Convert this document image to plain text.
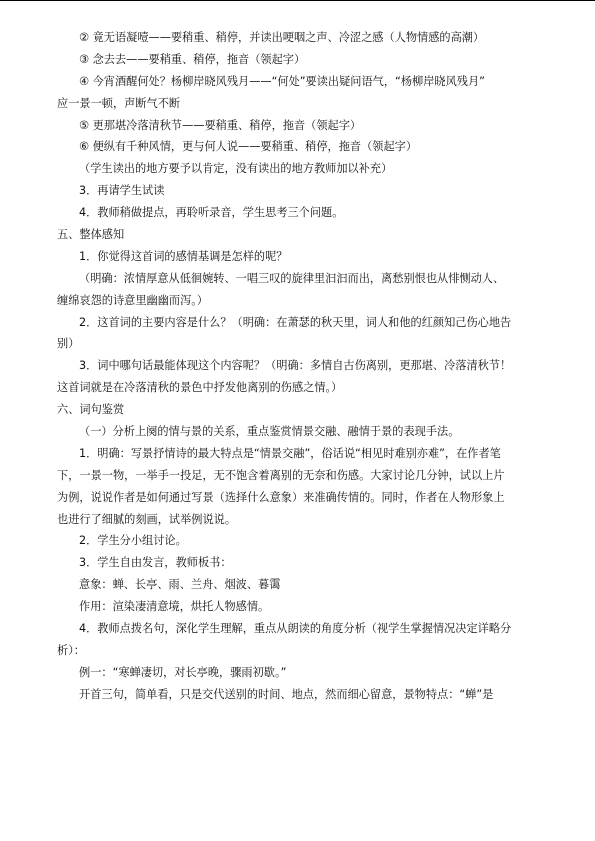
② 竟无语凝噎——要稍重、稍停，并读出哽咽之声、冷涩之感（人物情感的高潮）
③ 念去去——要稍重、稍停，拖音（领起字）
④ 今宵酒醒何处？杨柳岸晓风残月——“何处”要读出疑问语气，“杨柳岸晓风残月”
应一景一顿，声断气不断
⑤ 更那堪冷落清秋节——要稍重、稍停，拖音（领起字）
⑥ 便纵有千种风情，更与何人说——要稍重、稍停，拖音（领起字）
（学生读出的地方要予以肯定，没有读出的地方教师加以补充）
3．再请学生试读
4．教师稍做提点，再聆听录音，学生思考三个问题。
五、整体感知
1．你觉得这首词的感情基调是怎样的呢？
（明确：浓情厚意从低徊婉转、一唱三叹的旋律里汩汩而出，离愁别恨也从悱恻动人、
缠绵哀怨的诗意里幽幽而泻。）
2．这首词的主要内容是什么？（明确：在萧瑟的秋天里，词人和他的红颜知己伤心地告
别）
3．词中哪句话最能体现这个内容呢？（明确：多情自古伤离别，更那堪、冷落清秋节！
这首词就是在冷落清秋的景色中抒发他离别的伤感之情。）
六、词句鉴赏
（一）分析上阕的情与景的关系，重点鉴赏情景交融、融情于景的表现手法。
1．明确：写景抒情诗的最大特点是“情景交融”，俗话说“相见时难别亦难”，在作者笔
下，一景一物，一举手一投足，无不饱含着离别的无奈和伤感。大家讨论几分钟，试以上片
为例，说说作者是如何通过写景（选择什么意象）来准确传情的。同时，作者在人物形象上
也进行了细腻的刻画，试举例说说。
2．学生分小组讨论。
3．学生自由发言，教师板书：
意象：蝉、长亭、雨、兰舟、烟波、暮霭
作用：渲染凄清意境，烘托人物感情。
4．教师点拨名句，深化学生理解，重点从朗读的角度分析（视学生掌握情况决定详略分
析）：
例一：“寒蝉凄切，对长亭晚，骤雨初歇。”
开首三句，简单看，只是交代送别的时间、地点，然而细心留意，景物特点：“蝉”是
